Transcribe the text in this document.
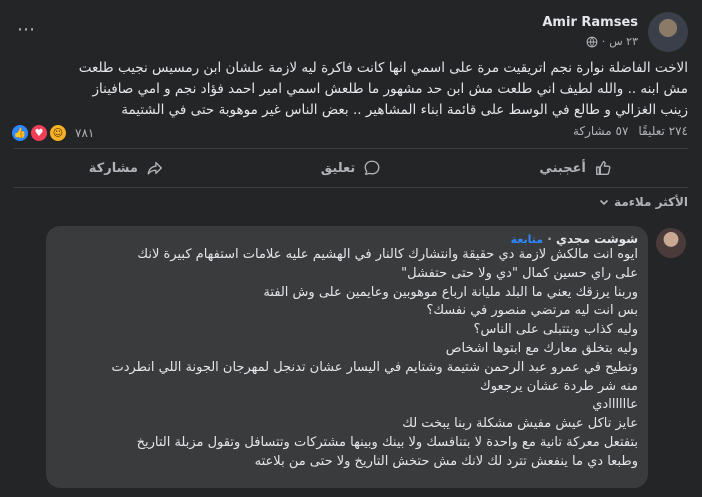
Amir Ramses
٢٣ س
·
⋯
الاخت الفاضلة نوارة نجم اتريقيت مرة على اسمي انها كانت فاكرة ليه لازمة علشان ابن رمسيس نجيب طلعت
مش ابنه .. والله لطيف اني طلعت مش ابن حد مشهور ما طلعش اسمي امير احمد فؤاد نجم و امي صافيناز
زينب الغزالي و طالع في الوسط على قائمة ابناء المشاهير .. بعض الناس غير موهوبة حتى في الشتيمة
👍 ♥ ☺ ٧٨١	٢٧٤ تعليقًا
٥٧ مشاركة
أعجبني
تعليق
مشاركة
الأكثر ملاءمة
شوشت مجدي · متابعة
ايوه انت مالكش لازمة دي حقيقة وانتشارك كالنار في الهشيم عليه علامات استفهام كبيرة لانك
على راي حسين كمال "دي ولا حتى حتفشل"
وربنا يرزقك يعني ما البلد مليانة ارباع موهوبين وعايمين على وش الفتة
بس انت ليه مرتضي منصور في نفسك؟
وليه كذاب وبتتبلى على الناس؟
وليه بتخلق معارك مع ابتوها اشخاص
وتطيح في عمرو عبد الرحمن شتيمة وشتايم في اليسار عشان تدنجل لمهرجان الجونة اللي انطردت
منه شر طردة عشان يرجعوك
عاااااادي
عايز تاكل عيش مفيش مشكلة ربنا يبخت لك
بتفتعل معركة تانية مع واحدة لا بتنافسك ولا بينك وبينها مشتركات وتتسافل وتقول مزبلة التاريخ
وطبعا دي ما ينفعش تترد لك لانك مش حتخش التاريخ ولا حتى من بلاعته
